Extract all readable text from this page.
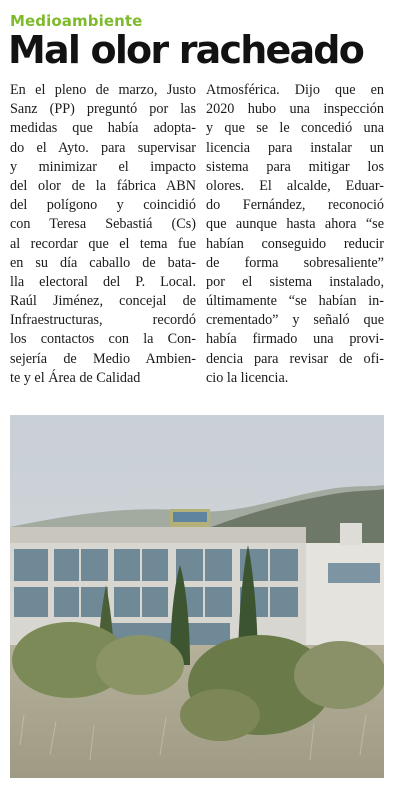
Medioambiente
Mal olor racheado
En el pleno de marzo, Justo
Sanz (PP) preguntó por las
medidas que había adopta-
do el Ayto. para supervisar
y minimizar el impacto
del olor de la fábrica ABN
del polígono y coincidió
con Teresa Sebastiá (Cs)
al recordar que el tema fue
en su día caballo de bata-
lla electoral del P. Local.
Raúl Jiménez, concejal de
Infraestructuras, recordó
los contactos con la Con-
sejería de Medio Ambien-
te y el Área de Calidad
Atmosférica. Dijo que en
2020 hubo una inspección
y que se le concedió una
licencia para instalar un
sistema para mitigar los
olores. El alcalde, Eduar-
do Fernández, reconoció
que aunque hasta ahora “se
habían conseguido reducir
de forma sobresaliente”
por el sistema instalado,
últimamente “se habían in-
crementado” y señaló que
había firmado una provi-
dencia para revisar de ofi-
cio la licencia.
